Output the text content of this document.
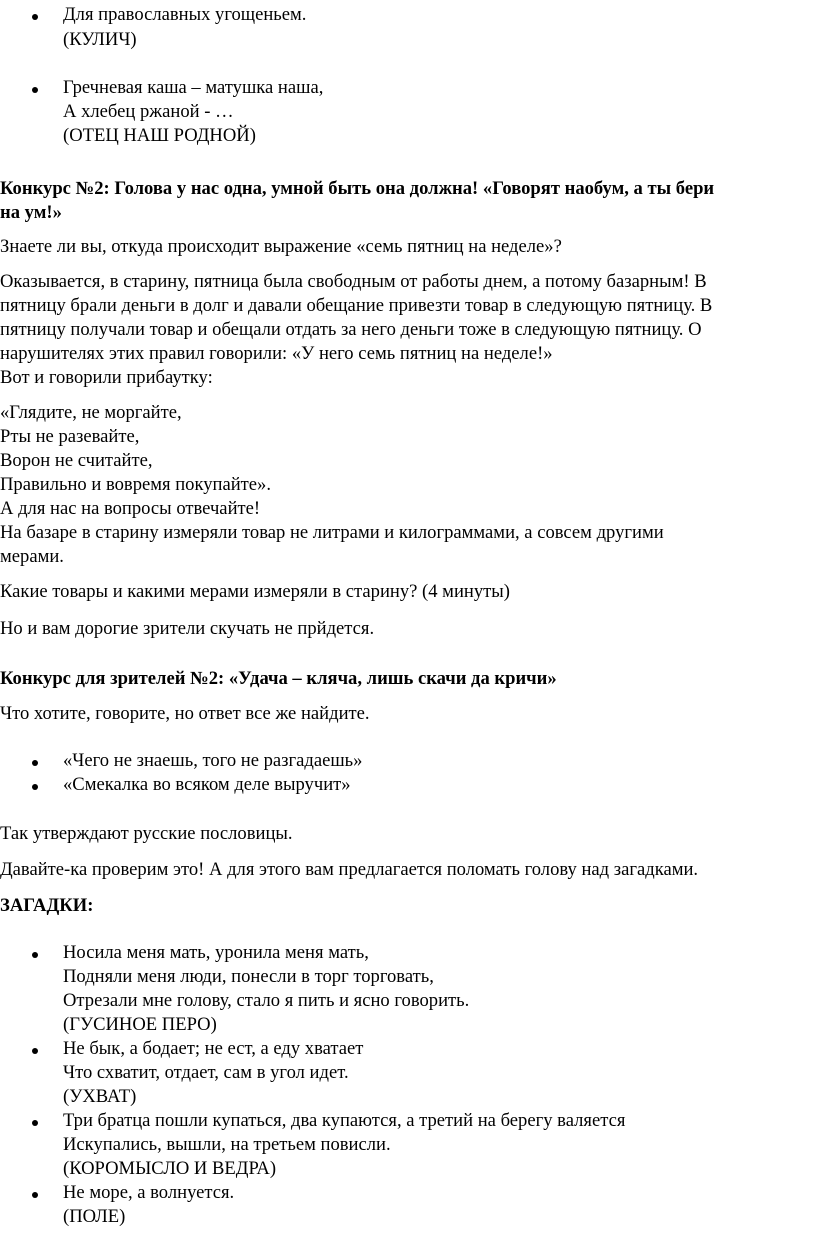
Для православных угощеньем.
(КУЛИЧ)
Гречневая каша – матушка наша,
А хлебец ржаной - …
(ОТЕЦ НАШ РОДНОЙ)
Конкурс №2: Голова у нас одна, умной быть она должна! «Говорят наобум, а ты бери
на ум!»
Знаете ли вы, откуда происходит выражение «семь пятниц на неделе»?
Оказывается, в старину, пятница была свободным от работы днем, а потому базарным! В
пятницу брали деньги в долг и давали обещание привезти товар в следующую пятницу. В
пятницу получали товар и обещали отдать за него деньги тоже в следующую пятницу. О
нарушителях этих правил говорили: «У него семь пятниц на неделе!»
Вот и говорили прибаутку:
«Глядите, не моргайте,
Рты не разевайте,
Ворон не считайте,
Правильно и вовремя покупайте».
А для нас на вопросы отвечайте!
На базаре в старину измеряли товар не литрами и килограммами, а совсем другими
мерами.
Какие товары и какими мерами измеряли в старину? (4 минуты)
Но и вам дорогие зрители скучать не прйдется.
Конкурс для зрителей №2: «Удача – кляча, лишь скачи да кричи»
Что хотите, говорите, но ответ все же найдите.
«Чего не знаешь, того не разгадаешь»
«Смекалка во всяком деле выручит»
Так утверждают русские пословицы.
Давайте-ка проверим это! А для этого вам предлагается поломать голову над загадками.
ЗАГАДКИ:
Носила меня мать, уронила меня мать,
Подняли меня люди, понесли в торг торговать,
Отрезали мне голову, стало я пить и ясно говорить.
(ГУСИНОЕ ПЕРО)
Не бык, а бодает; не ест, а еду хватает
Что схватит, отдает, сам в угол идет.
(УХВАТ)
Три братца пошли купаться, два купаются, а третий на берегу валяется
Искупались, вышли, на третьем повисли.
(КОРОМЫСЛО И ВЕДРА)
Не море, а волнуется.
(ПОЛЕ)
